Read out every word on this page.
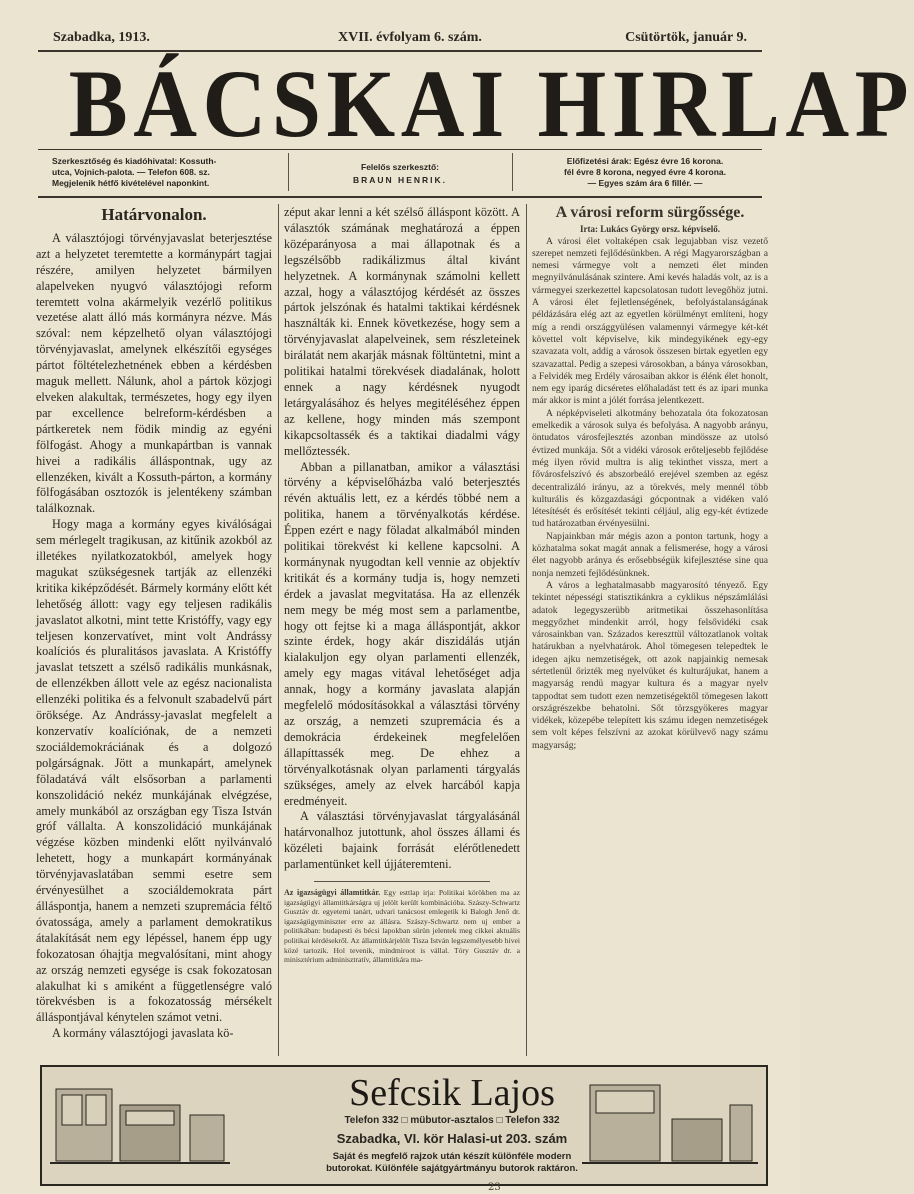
Szabadka, 1913.	XVII. évfolyam 6. szám.	Csütörtök, január 9.
BÁCSKAI HIRLAP
Szerkesztőség és kiadóhivatal: Kossuth-
utca, Vojnich-palota. — Telefon 608. sz.
Megjelenik hétfő kivételével naponkint.
Felelős szerkesztő:
BRAUN HENRIK.
Előfizetési árak: Egész évre 16 korona.
fél évre 8 korona, negyed évre 4 korona.
— Egyes szám ára 6 fillér. —
Határvonalon.

A választójogi törvényjavaslat beterjesztése azt a helyzetet teremtette a kormánypárt tagjai részére, amilyen helyzetet bármilyen alapelveken nyugvó választójogi reform teremtett volna akármelyik vezérlő politikus vezetése alatt álló más kormányra nézve. Más szóval: nem képzelhető olyan választójogi törvényjavaslat, amelynek elkészítői egységes pártot föltételezhetnének ebben a kérdésben maguk mellett. Nálunk, ahol a pártok közjogi elveken alakultak, természetes, hogy egy ilyen par excellence belreform-kérdésben a pártkeretek nem födik mindig az egyéni fölfogást. Ahogy a munkapártban is vannak hivei a radikális álláspontnak, ugy az ellenzéken, kivált a Kossuth-párton, a kormány fölfogásában osztozók is jelentékeny számban találkoznak.

Hogy maga a kormány egyes kiválóságai sem mérlegelt tragikusan, az kitűnik azokból az illetékes nyilatkozatokból, amelyek hogy magukat szükségesnek tartják az ellenzéki kritika kiképződését. Bármely kormány előtt két lehetőség állott: vagy egy teljesen radikális javaslatot alkotni, mint tette Kristóffy, vagy egy teljesen konzervatívet, mint volt Andrássy koalíciós és pluralitásos javaslata. A Kristóffy javaslat tetszett a szélső radikális munkásnak, de ellenzékben állott vele az egész nacionalista ellenzéki politika és a felvonult szabadelvű párt öröksége. Az Andrássy-javaslat megfelelt a konzervatív koalíciónak, de a nemzeti szociáldemokráciának és a dolgozó polgárságnak. Jött a munkapárt, amelynek föladatává vált elsősorban a parlamenti konszolidáció nekéz munkájának elvégzése, amely munkából az országban egy Tisza István gróf vállalta. A konszolidáció munkájának végzése közben mindenki előtt nyilvánvaló lehetett, hogy a munkapárt kormányának törvényjavaslatában semmi esetre sem érvényesülhet a szociáldemokrata párt álláspontja, hanem a nemzeti szupremácia féltő óvatossága, amely a parlament demokratikus átalakítását nem egy lépéssel, hanem épp ugy fokozatosan óhajtja megvalósítani, mint ahogy az ország nemzeti egysége is csak fokozatosan alakulhat ki s amiként a függetlenségre való törekvésben is a fokozatosság mérsékelt álláspontjával kénytelen számot vetni.

A kormány választójogi javaslata kö-

zéput akar lenni a két szélső álláspont között. A választók számának meghatározá a éppen középarányosa a mai állapotnak és a legszélsőbb radikálizmus által kivánt helyzetnek. A kormánynak számolni kellett azzal, hogy a választójog kérdését az összes pártok jelszónak és hatalmi taktikai kérdésnek használták ki. Ennek következése, hogy sem a törvényjavaslat alapelveinek, sem részleteinek birálatát nem akarják másnak föltüntetni, mint a politikai hatalmi törekvések diadalának, holott ennek a nagy kérdésnek nyugodt letárgyalásához és helyes megitéléséhez éppen az kellene, hogy minden más szempont kikapcsoltassék és a taktikai diadalmi vágy mellőztessék.

Abban a pillanatban, amikor a választási törvény a képviselőházba való beterjesztés révén aktuális lett, ez a kérdés többé nem a politika, hanem a törvényalkotás kérdése. Éppen ezért e nagy föladat alkalmából minden politikai törekvést ki kellene kapcsolni. A kormánynak nyugodtan kell vennie az objektív kritikát és a kormány tudja is, hogy nemzeti érdek a javaslat megvitatása. Ha az ellenzék nem megy be még most sem a parlamentbe, hogy ott fejtse ki a maga álláspontját, akkor szinte érdek, hogy akár diszidálás utján kialakuljon egy olyan parlamenti ellenzék, amely egy magas vitával lehetőséget adja annak, hogy a kormány javaslata alapján megfelelő módosításokkal a választási törvény az ország, a nemzeti szupremácia és a demokrácia érdekeinek megfelelően állapíttassék meg. De ehhez a törvényalkotásnak olyan parlamenti tárgyalás szükséges, amely az elvek harcából kapja eredményeit.

A választási törvényjavaslat tárgyalásánál határvonalhoz jutottunk, ahol összes állami és közéleti bajaink forrását elérőtlenedett parlamentünket kell újjáteremteni.

Az igazságügyi államtitkár. Egy esttlap irja: Politikai körökben ma az igazságügyi államtitkárságra uj jelölt került kombinációba. Szászy-Schwartz Gusztáv dr. egyetemi tanárt, udvari tanácsost emlegetik ki Balogh Jenő dr. igazságügyminiszter erre az állásra. Szászy-Schwartz nem uj ember a politikában: budapesti és bécsi lapokban sürün jelentek meg cikkei aktuális politikai kérdésekről. Az államtitkárjelölt Tisza István legszemélyesebb hivei közé tartozik. Hol tevenik, mindmiroot is vállal. Tóry Gusztáv dr. a minisztérium adminisztratív, államtitkára ma-
A városi reform sürgőssége.

Irta: Lukács György orsz. képviselő.

A városi élet voltaképen csak legujabban visz vezető szerepet nemzeti fejlődésünkben. A régi Magyarországban a nemesi vármegye volt a nemzeti élet minden megnyilvánulásának szintere. Ami kevés haladás volt, az is a vármegyei szerkezettel kapcsolatosan tudott levegőhöz jutni. A városi élet fejletlenségének, befolyástalanságának példázására elég azt az egyetlen körülményt említeni, hogy míg a rendi országgyülésen valamennyi vármegye két-két követtel volt képviselve, kik mindegyikének egy-egy szavazata volt, addig a városok összesen birtak egyetlen egy szavazattal. Pedig a szepesi városokban, a bánya városokban, a Felvidék meg Erdély városaiban akkor is élénk élet honolt, nem egy iparág dicséretes előhaladást tett és az ipari munka már akkor is mint a jólét forrása jelentkezett.

A népképviseleti alkotmány behozatala óta fokozatosan emelkedik a városok sulya és befolyása. A nagyobb arányu, öntudatos városfejlesztés azonban mindössze az utolsó évtized munkája. Sőt a vidéki városok erőteljesebb fejlődése még ilyen rövid multra is alig tekinthet vissza, mert a fővárosfelszívó és abszorbeáló erejével szemben az egész decentralizáló irányu, az a törekvés, mely mennél több kulturális és közgazdasági gócpontnak a vidéken való létesítését és erősítését tekinti céljául, alig egy-két évtizede tud határozatban érvényesülni.

Napjainkban már mégis azon a ponton tartunk, hogy a közhatalma sokat magát annak a felismerése, hogy a városi élet nagyobb aránya és erősebbségük kifejlesztése sine qua nonja nemzeti fejlődésünknek.

A város a leghatalmasabb magyarosító tényező. Egy tekintet népességi statisztikánkra a cyklikus népszámlálási adatok legegyszerübb aritmetikai összehasonlítása meggyőzhet mindenkit arról, hogy felsővidéki csak városainkban van. Százados kereszttül változatlanok voltak határukban a nyelvhatárok. Ahol tömegesen telepedtek le idegen ajku nemzetiségek, ott azok napjainkig nemesak sértetlenül őrizték meg nyelvüket és kulturájukat, hanem a magyarság rendü magyar kultura és a magyar nyelv tappodtat sem tudott ezen nemzetiségektől tömegesen lakott országrészekbe behatolni. Sőt törzsgyökeres magyar vidékek, közepébe telepített kis számu idegen nemzetiségek sem volt képes felszívni az azokat körülvevő nagy számu magyarság;

Sefcsik Lajos
Telefon 332 □ mübutor-asztalos □ Telefon 332
Szabadka, VI. kör Halasi-ut 203. szám
Saját és megfelő rajzok után készít különféle modern
butorokat. Különféle sajátgyártmányu butorok raktáron.
23
